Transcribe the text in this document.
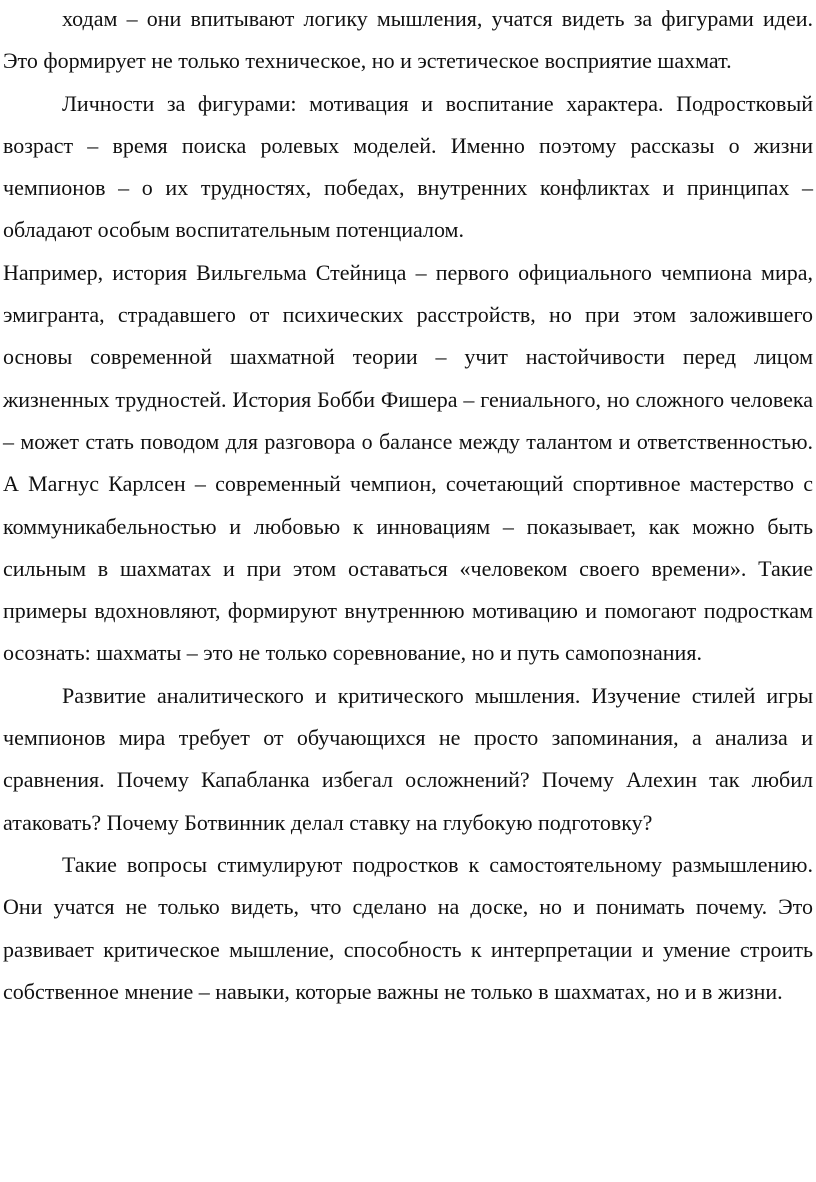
ходам – они впитывают логику мышления, учатся видеть за фигурами идеи. Это формирует не только техническое, но и эстетическое восприятие шахмат.

Личности за фигурами: мотивация и воспитание характера. Подростковый возраст – время поиска ролевых моделей. Именно поэтому рассказы о жизни чемпионов – о их трудностях, победах, внутренних конфликтах и принципах – обладают особым воспитательным потенциалом.

Например, история Вильгельма Стейница – первого официального чемпиона мира, эмигранта, страдавшего от психических расстройств, но при этом заложившего основы современной шахматной теории – учит настойчивости перед лицом жизненных трудностей. История Бобби Фишера – гениального, но сложного человека – может стать поводом для разговора о балансе между талантом и ответственностью. А Магнус Карлсен – современный чемпион, сочетающий спортивное мастерство с коммуникабельностью и любовью к инновациям – показывает, как можно быть сильным в шахматах и при этом оставаться «человеком своего времени». Такие примеры вдохновляют, формируют внутреннюю мотивацию и помогают подросткам осознать: шахматы – это не только соревнование, но и путь самопознания.

Развитие аналитического и критического мышления. Изучение стилей игры чемпионов мира требует от обучающихся не просто запоминания, а анализа и сравнения. Почему Капабланка избегал осложнений? Почему Алехин так любил атаковать? Почему Ботвинник делал ставку на глубокую подготовку?

Такие вопросы стимулируют подростков к самостоятельному размышлению. Они учатся не только видеть, что сделано на доске, но и понимать почему. Это развивает критическое мышление, способность к интерпретации и умение строить собственное мнение – навыки, которые важны не только в шахматах, но и в жизни.
